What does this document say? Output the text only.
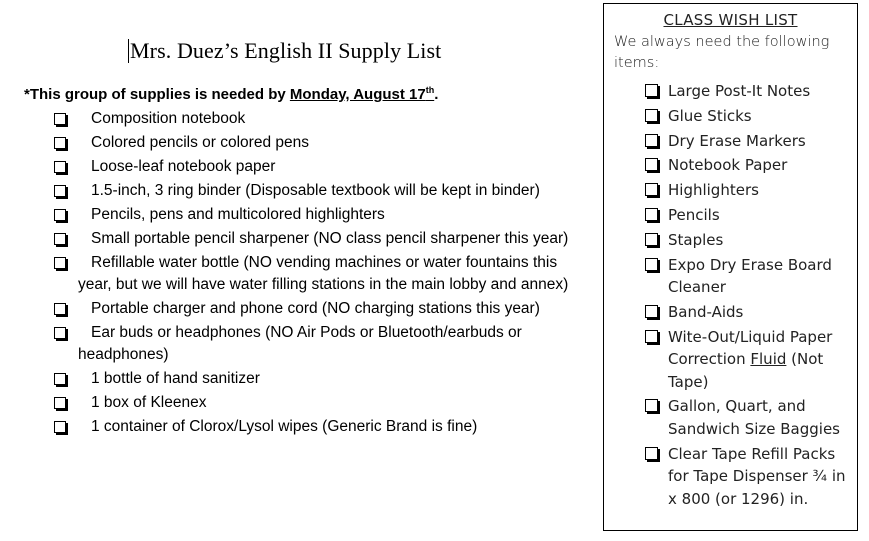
Mrs. Duez’s English II Supply List
*This group of supplies is needed by Monday, August 17th.
Composition notebook
Colored pencils or colored pens
Loose-leaf notebook paper
1.5-inch, 3 ring binder (Disposable textbook will be kept in binder)
Pencils, pens and multicolored highlighters
Small portable pencil sharpener (NO class pencil sharpener this year)
Refillable water bottle (NO vending machines or water fountains this year, but we will have water filling stations in the main lobby and annex)
Portable charger and phone cord (NO charging stations this year)
Ear buds or headphones (NO Air Pods or Bluetooth/earbuds or headphones)
1 bottle of hand sanitizer
1 box of Kleenex
1 container of Clorox/Lysol wipes (Generic Brand is fine)
CLASS WISH LIST
We always need the following items:
Large Post-It Notes
Glue Sticks
Dry Erase Markers
Notebook Paper
Highlighters
Pencils
Staples
Expo Dry Erase Board Cleaner
Band-Aids
Wite-Out/Liquid Paper Correction Fluid (Not Tape)
Gallon, Quart, and Sandwich Size Baggies
Clear Tape Refill Packs for Tape Dispenser ¾ in x 800 (or 1296) in.
